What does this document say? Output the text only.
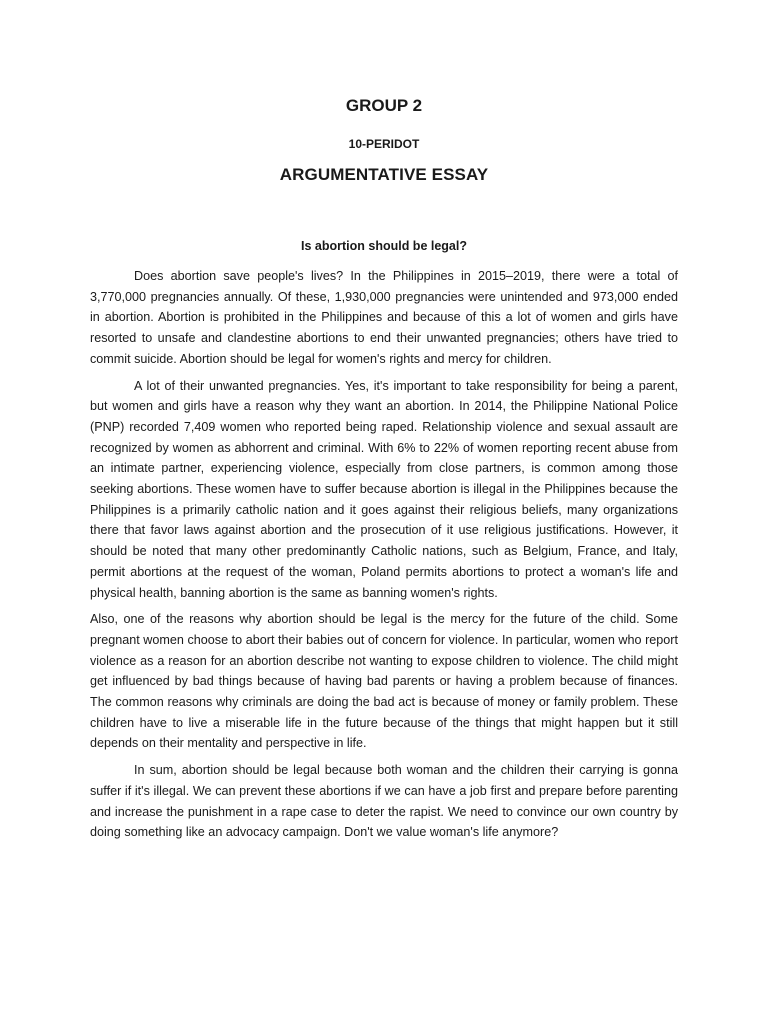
GROUP 2
10-PERIDOT
ARGUMENTATIVE ESSAY
Is abortion should be legal?

Does abortion save people's lives? In the Philippines in 2015–2019, there were a total of 3,770,000 pregnancies annually. Of these, 1,930,000 pregnancies were unintended and 973,000 ended in abortion. Abortion is prohibited in the Philippines and because of this a lot of women and girls have resorted to unsafe and clandestine abortions to end their unwanted pregnancies; others have tried to commit suicide. Abortion should be legal for women's rights and mercy for children.

A lot of their unwanted pregnancies. Yes, it's important to take responsibility for being a parent, but women and girls have a reason why they want an abortion. In 2014, the Philippine National Police (PNP) recorded 7,409 women who reported being raped. Relationship violence and sexual assault are recognized by women as abhorrent and criminal. With 6% to 22% of women reporting recent abuse from an intimate partner, experiencing violence, especially from close partners, is common among those seeking abortions. These women have to suffer because abortion is illegal in the Philippines because the Philippines is a primarily catholic nation and it goes against their religious beliefs, many organizations there that favor laws against abortion and the prosecution of it use religious justifications. However, it should be noted that many other predominantly Catholic nations, such as Belgium, France, and Italy, permit abortions at the request of the woman, Poland permits abortions to protect a woman's life and physical health, banning abortion is the same as banning women's rights.

Also, one of the reasons why abortion should be legal is the mercy for the future of the child. Some pregnant women choose to abort their babies out of concern for violence. In particular, women who report violence as a reason for an abortion describe not wanting to expose children to violence. The child might get influenced by bad things because of having bad parents or having a problem because of finances. The common reasons why criminals are doing the bad act is because of money or family problem. These children have to live a miserable life in the future because of the things that might happen but it still depends on their mentality and perspective in life.

In sum, abortion should be legal because both woman and the children their carrying is gonna suffer if it's illegal. We can prevent these abortions if we can have a job first and prepare before parenting and increase the punishment in a rape case to deter the rapist. We need to convince our own country by doing something like an advocacy campaign. Don't we value woman's life anymore?
